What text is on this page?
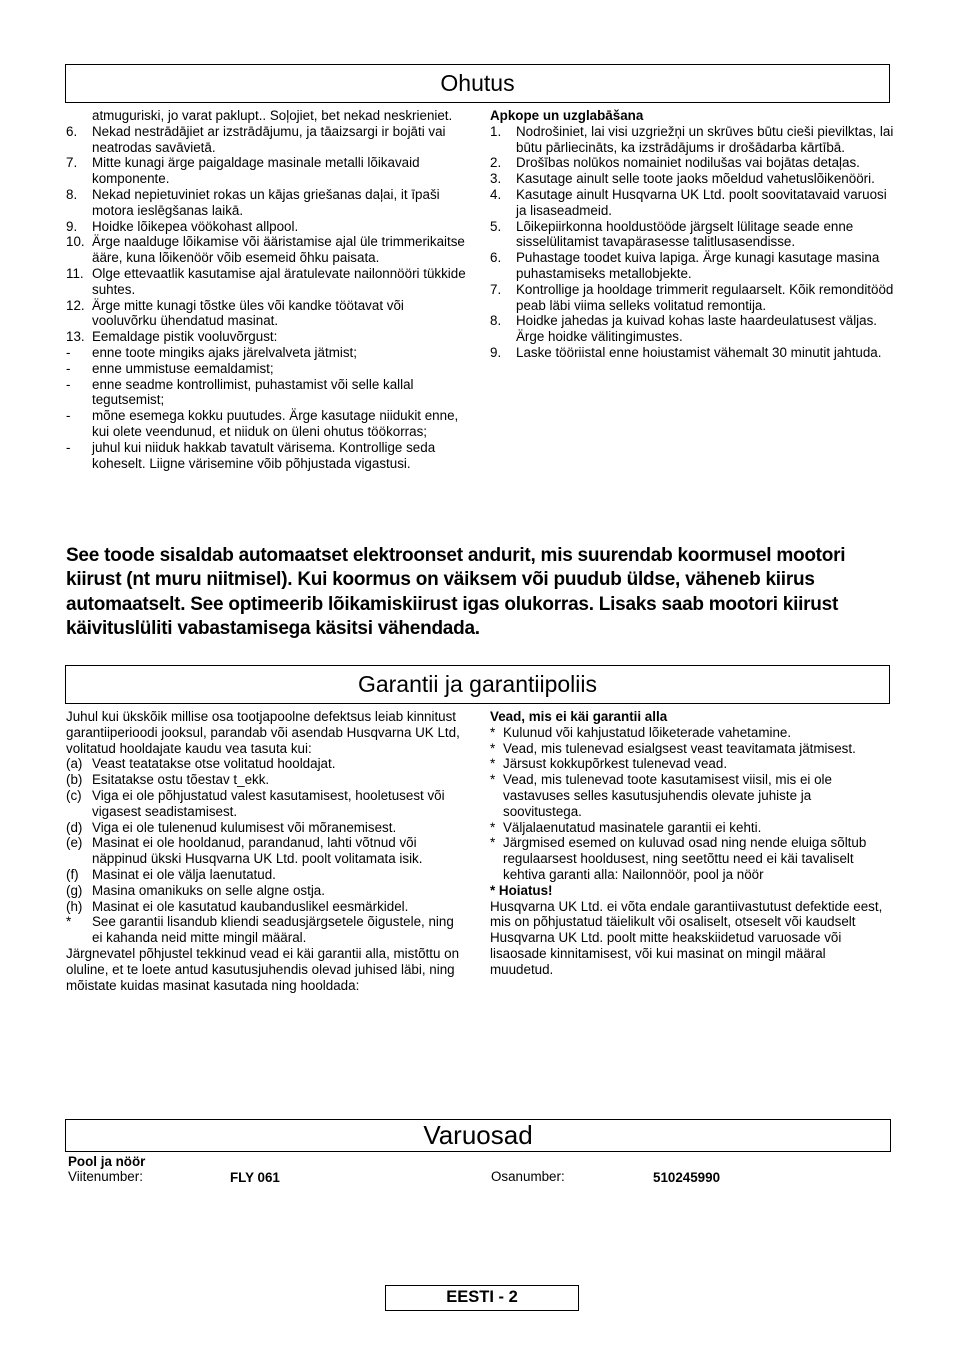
Ohutus
atmuguriski, jo varat paklupt.. Soļojiet, bet nekad neskrieniet.
6.	Nekad nestrādājiet ar izstrādājumu, ja tāaizsargi ir bojāti vai neatrodas savāvietā.
7.	Mitte kunagi ärge paigaldage masinale metalli lõikavaid komponente.
8.	Nekad nepietuviniet rokas un kājas griešanas daļai, it īpaši motora ieslēgšanas laikā.
9.	Hoidke lõikepea vöökohast allpool.
10. Ärge naalduge lõikamise või ääristamise ajal üle trimmerikaitse ääre, kuna lõikenöör võib esemeid õhku paisata.
11. Olge ettevaatlik kasutamise ajal äratulevate nailonnööri tükkide suhtes.
12. Ärge mitte kunagi tõstke üles või kandke töötavat või vooluvõrku ühendatud masinat.
13. Eemaldage pistik vooluvõrgust:
-	enne toote mingiks ajaks järelvalveta jätmist;
-	enne ummistuse eemaldamist;
-	enne seadme kontrollimist, puhastamist või selle kallal tegutsemist;
-	mõne esemega kokku puutudes. Ärge kasutage niidukit enne, kui olete veendunud, et niiduk on üleni ohutus töökorras;
-	juhul kui niiduk hakkab tavatult värisema. Kontrollige seda koheselt. Liigne värisemine võib põhjustada vigastusi.
Apkope un uzglabāšana
1.	Nodrošiniet, lai visi uzgriežņi un skrūves būtu cieši pievilktas, lai būtu pārliecināts, ka izstrādājums ir drošādarba kārtībā.
2.	Drošības nolūkos nomainiet nodilušas vai bojātas detaļas.
3.	Kasutage ainult selle toote jaoks mõeldud vahetuslõikenööri.
4.	Kasutage ainult Husqvarna UK Ltd. poolt soovitatavaid varuosi ja lisaseadmeid.
5.	Lõikepiirkonna hooldustööde järgselt lülitage seade enne sisselülitamist tavapärasesse talitlusasendisse.
6.	Puhastage toodet kuiva lapiga. Ärge kunagi kasutage masina puhastamiseks metallobjekte.
7.	Kontrollige ja hooldage trimmerit regulaarselt. Kõik remonditööd peab läbi viima selleks volitatud remontija.
8.	Hoidke jahedas ja kuivad kohas laste haardeulatusest väljas. Ärge hoidke välitingimustes.
9.	Laske tööriistal enne hoiustamist vähemalt 30 minutit jahtuda.
See toode sisaldab automaatset elektroonset andurit, mis suurendab koormusel mootori kiirust (nt muru niitmisel). Kui koormus on väiksem või puudub üldse, väheneb kiirus automaatselt. See optimeerib lõikamiskiirust igas olukorras. Lisaks saab mootori kiirust käivituslüliti vabastamisega käsitsi vähendada.
Garantii ja garantiipoliis
Juhul kui ükskõik millise osa tootjapoolne defektsus leiab kinnitust garantiiperioodi jooksul, parandab või asendab Husqvarna UK Ltd, volitatud hooldajate kaudu vea tasuta kui:
(a) Veast teatatakse otse volitatud hooldajat.
(b) Esitatakse ostu tõestav t_ekk.
(c) Viga ei ole põhjustatud valest kasutamisest, hooletusest või vigasest seadistamisest.
(d) Viga ei ole tulenenud kulumisest või mõranemisest.
(e) Masinat ei ole hooldanud, parandanud, lahti võtnud või näppinud ükski Husqvarna UK Ltd. poolt volitamata isik.
(f) Masinat ei ole välja laenutatud.
(g) Masina omanikuks on selle algne ostja.
(h) Masinat ei ole kasutatud kaubanduslikel eesmärkidel.
*	See garantii lisandub kliendi seadusjärgsetele õigustele, ning ei kahanda neid mitte mingil määral.
Järgnevatel põhjustel tekkinud vead ei käi garantii alla, mistõttu on oluline, et te loete antud kasutusjuhendis olevad juhised läbi, ning mõistate kuidas masinat kasutada ning hooldada:
Vead, mis ei käi garantii alla
* Kulunud või kahjustatud lõiketerade vahetamine.
* Vead, mis tulenevad esialgsest veast teavitamata jätmisest.
* Järsust kokkupõrkest tulenevad vead.
* Vead, mis tulenevad toote kasutamisest viisil, mis ei ole vastavuses selles kasutusjuhendis olevate juhiste ja soovitustega.
* Väljalaenutatud masinatele garantii ei kehti.
* Järgmised esemed on kuluvad osad ning nende eluiga sõltub regulaarsest hooldusest, ning seetõttu need ei käi tavaliselt kehtiva garanti alla: Nailonnöör, pool ja nöör
* Hoiatus!
Husqvarna UK Ltd. ei võta endale garantiivastutust defektide eest, mis on põhjustatud täielikult või osaliselt, otseselt või kaudselt Husqvarna UK Ltd. poolt mitte heakskiidetud varuosade või lisaosade kinnitamisest, või kui masinat on mingil määral muudetud.
Varuosad
Pool ja nöör
Viitenumber:	FLY 061	Osanumber:	510245990
EESTI - 2
